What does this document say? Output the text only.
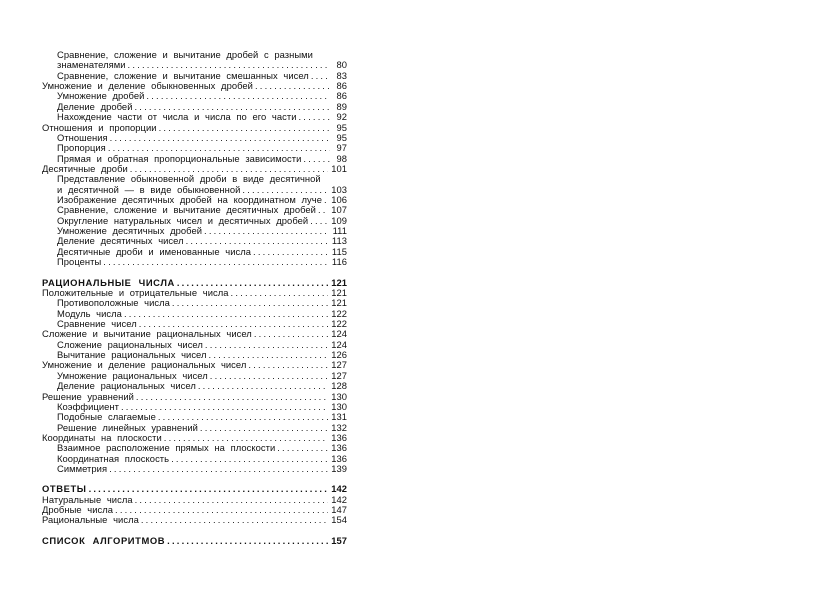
Сравнение, сложение и вычитание дробей с разными
знаменателями . . .	80
Сравнение, сложение и вычитание смешанных чисел . . .	83
Умножение и деление обыкновенных дробей . . .	86
Умножение дробей . . .	86
Деление дробей . . .	89
Нахождение части от числа и числа по его части . . .	92
Отношения и пропорции . . .	95
Отношения . . .	95
Пропорция . . .	97
Прямая и обратная пропорциональные зависимости . . .	98
Десятичные дроби . . .	101
Представление обыкновенной дроби в виде десятичной
и десятичной — в виде обыкновенной . . .	103
Изображение десятичных дробей на координатном луче . . . 106
Сравнение, сложение и вычитание десятичных дробей . . . 107
Округление натуральных чисел и десятичных дробей . . . 109
Умножение десятичных дробей . . .	111
Деление десятичных чисел . . .	113
Десятичные дроби и именованные числа . . .	115
Проценты . . .	116
РАЦИОНАЛЬНЫЕ ЧИСЛА . . .	121
Положительные и отрицательные числа . . .	121
Противоположные числа . . .	121
Модуль числа . . .	122
Сравнение чисел . . .	122
Сложение и вычитание рациональных чисел . . .	124
Сложение рациональных чисел . . .	124
Вычитание рациональных чисел . . .	126
Умножение и деление рациональных чисел . . .	127
Умножение рациональных чисел . . .	127
Деление рациональных чисел . . .	128
Решение уравнений . . .	130
Коэффициент . . .	130
Подобные слагаемые . . .	131
Решение линейных уравнений . . .	132
Координаты на плоскости . . .	136
Взаимное расположение прямых на плоскости . . .	136
Координатная плоскость . . .	136
Симметрия . . .	139
ОТВЕТЫ . . .	142
Натуральные числа . . .	142
Дробные числа . . .	147
Рациональные числа . . .	154
СПИСОК АЛГОРИТМОВ . . .	157
